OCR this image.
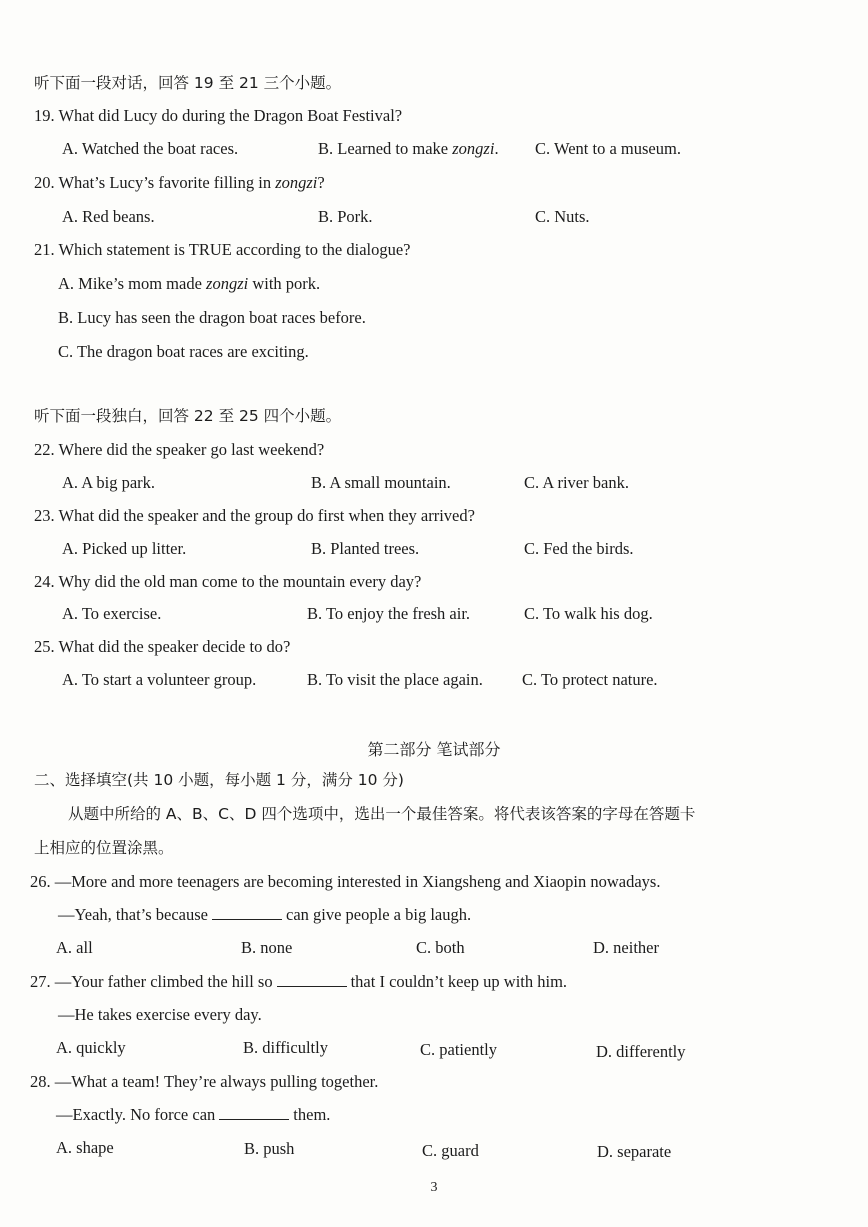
听下面一段对话，回答 19 至 21 三个小题。
19. What did Lucy do during the Dragon Boat Festival?
A. Watched the boat races.	B. Learned to make zongzi. C. Went to a museum.
20. What’s Lucy’s favorite filling in zongzi?
A. Red beans.	B. Pork.	C. Nuts.
21. Which statement is TRUE according to the dialogue?
A. Mike’s mom made zongzi with pork.
B. Lucy has seen the dragon boat races before.
C. The dragon boat races are exciting.
听下面一段独白，回答 22 至 25 四个小题。
22. Where did the speaker go last weekend?
A. A big park.	B. A small mountain.	C. A river bank.
23. What did the speaker and the group do first when they arrived?
A. Picked up litter.	B. Planted trees.	C. Fed the birds.
24. Why did the old man come to the mountain every day?
A. To exercise.	B. To enjoy the fresh air.	C. To walk his dog.
25. What did the speaker decide to do?
A. To start a volunteer group.	B. To visit the place again. C. To protect nature.
第二部分 笔试部分
二、选择填空(共 10 小题，每小题 1 分，满分 10 分)
从题中所给的 A、B、C、D 四个选项中，选出一个最佳答案。将代表该答案的字母在答题卡
上相应的位置涂黑。
26. —More and more teenagers are becoming interested in Xiangsheng and Xiaopin nowadays.
—Yeah, that’s because	can give people a big laugh.
A. all	B. none	C. both	D. neither
27. —Your father climbed the hill so	that I couldn’t keep up with him.
—He takes exercise every day.
A. quickly	B. difficultly	C. patiently	D. differently
28. —What a team! They’re always pulling together.
—Exactly. No force can	them.
A. shape	B. push	C. guard	D. separate
3
